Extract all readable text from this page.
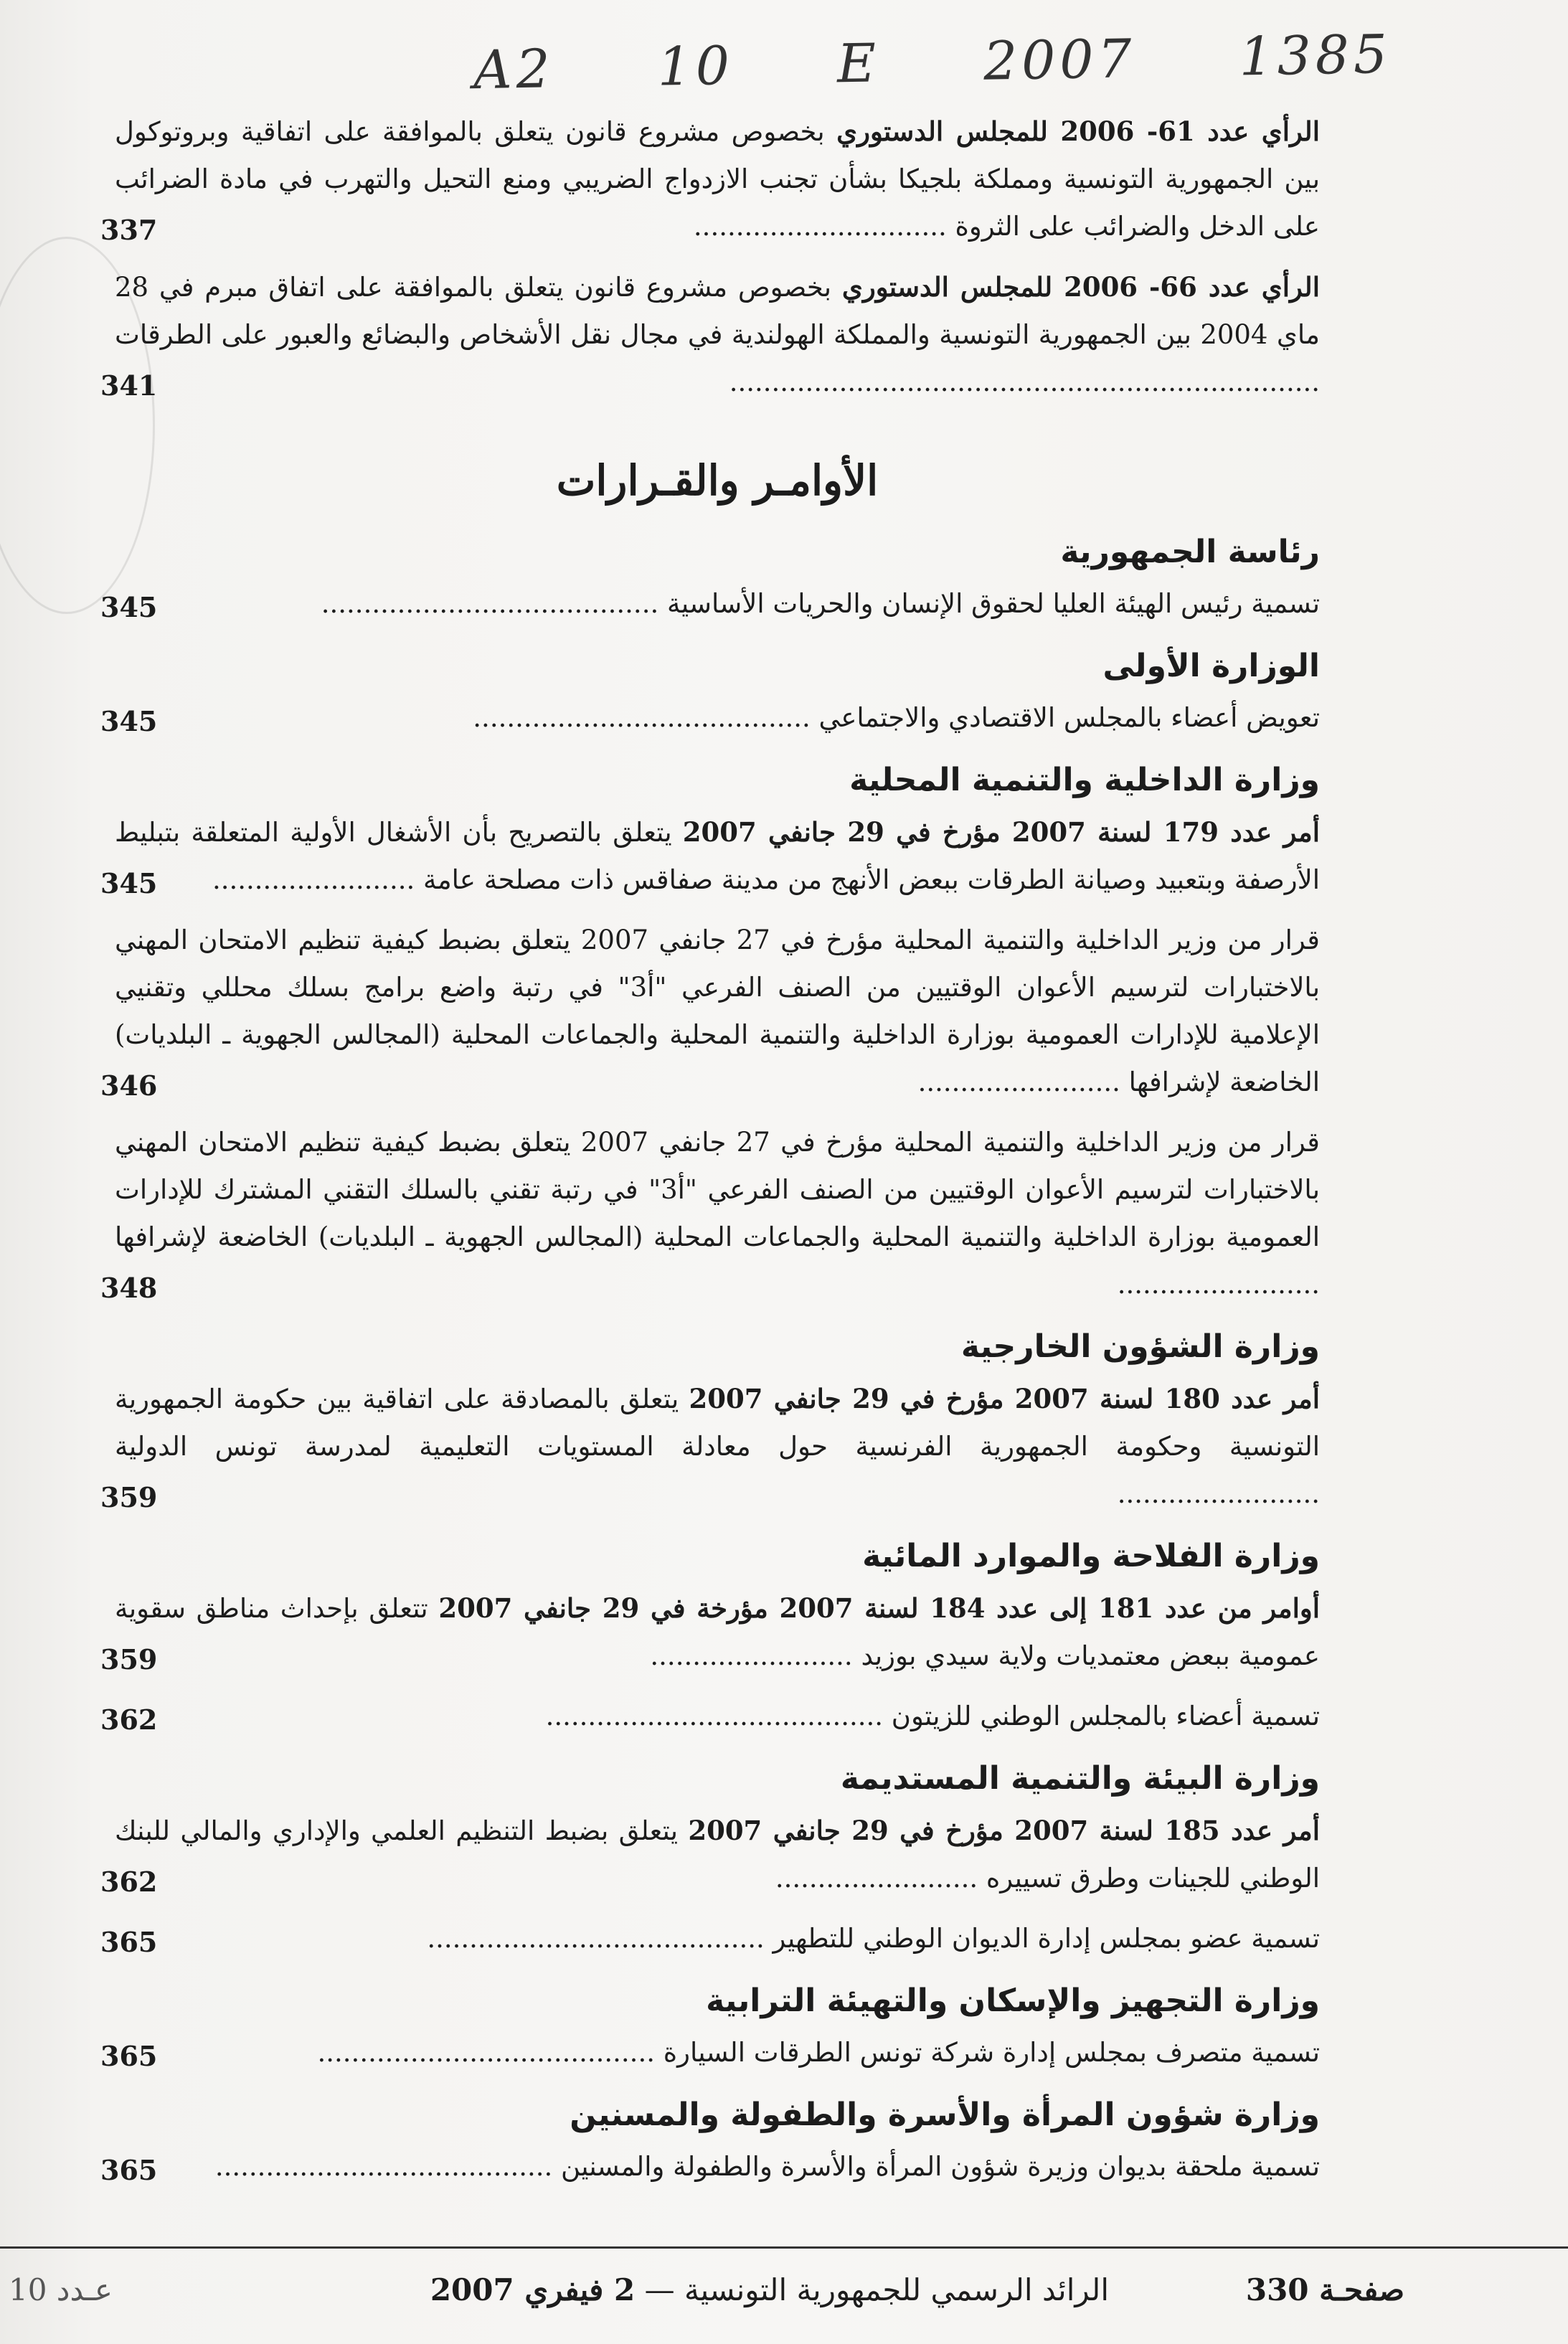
A2 10 E 2007 1385
الرأي عدد 61- 2006 للمجلس الدستوري بخصوص مشروع قانون يتعلق بالموافقة على اتفاقية وبروتوكول بين الجمهورية التونسية ومملكة بلجيكا بشأن تجنب الازدواج الضريبي ومنع التحيل والتهرب في مادة الضرائب على الدخل والضرائب على الثروة ..............................
337
الرأي عدد 66- 2006 للمجلس الدستوري بخصوص مشروع قانون يتعلق بالموافقة على اتفاق مبرم في 28 ماي 2004 بين الجمهورية التونسية والمملكة الهولندية في مجال نقل الأشخاص والبضائع والعبور على الطرقات ......................................................................
341
الأوامـر والقـرارات
رئاسة الجمهورية
تسمية رئيس الهيئة العليا لحقوق الإنسان والحريات الأساسية ........................................
345
الوزارة الأولى
تعويض أعضاء بالمجلس الاقتصادي والاجتماعي ........................................
345
وزارة الداخلية والتنمية المحلية
أمر عدد 179 لسنة 2007 مؤرخ في 29 جانفي 2007 يتعلق بالتصريح بأن الأشغال الأولية المتعلقة بتبليط الأرصفة وبتعبيد وصيانة الطرقات ببعض الأنهج من مدينة صفاقس ذات مصلحة عامة ........................
345
قرار من وزير الداخلية والتنمية المحلية مؤرخ في 27 جانفي 2007 يتعلق بضبط كيفية تنظيم الامتحان المهني بالاختبارات لترسيم الأعوان الوقتيين من الصنف الفرعي "أ3" في رتبة واضع برامج بسلك محللي وتقنيي الإعلامية للإدارات العمومية بوزارة الداخلية والتنمية المحلية والجماعات المحلية (المجالس الجهوية ـ البلديات) الخاضعة لإشرافها ........................
346
قرار من وزير الداخلية والتنمية المحلية مؤرخ في 27 جانفي 2007 يتعلق بضبط كيفية تنظيم الامتحان المهني بالاختبارات لترسيم الأعوان الوقتيين من الصنف الفرعي "أ3" في رتبة تقني بالسلك التقني المشترك للإدارات العمومية بوزارة الداخلية والتنمية المحلية والجماعات المحلية (المجالس الجهوية ـ البلديات) الخاضعة لإشرافها ........................
348
وزارة الشؤون الخارجية
أمر عدد 180 لسنة 2007 مؤرخ في 29 جانفي 2007 يتعلق بالمصادقة على اتفاقية بين حكومة الجمهورية التونسية وحكومة الجمهورية الفرنسية حول معادلة المستويات التعليمية لمدرسة تونس الدولية ........................
359
وزارة الفلاحة والموارد المائية
أوامر من عدد 181 إلى عدد 184 لسنة 2007 مؤرخة في 29 جانفي 2007 تتعلق بإحداث مناطق سقوية عمومية ببعض معتمديات ولاية سيدي بوزيد ........................
359
تسمية أعضاء بالمجلس الوطني للزيتون ........................................
362
وزارة البيئة والتنمية المستديمة
أمر عدد 185 لسنة 2007 مؤرخ في 29 جانفي 2007 يتعلق بضبط التنظيم العلمي والإداري والمالي للبنك الوطني للجينات وطرق تسييره ........................
362
تسمية عضو بمجلس إدارة الديوان الوطني للتطهير ........................................
365
وزارة التجهيز والإسكان والتهيئة الترابية
تسمية متصرف بمجلس إدارة شركة تونس الطرقات السيارة ........................................
365
وزارة شؤون المرأة والأسرة والطفولة والمسنين
تسمية ملحقة بديوان وزيرة شؤون المرأة والأسرة والطفولة والمسنين ........................................
365
صفحـة 330
الرائد الرسمي للجمهورية التونسية — 2 فيفري 2007
عـدد 10
